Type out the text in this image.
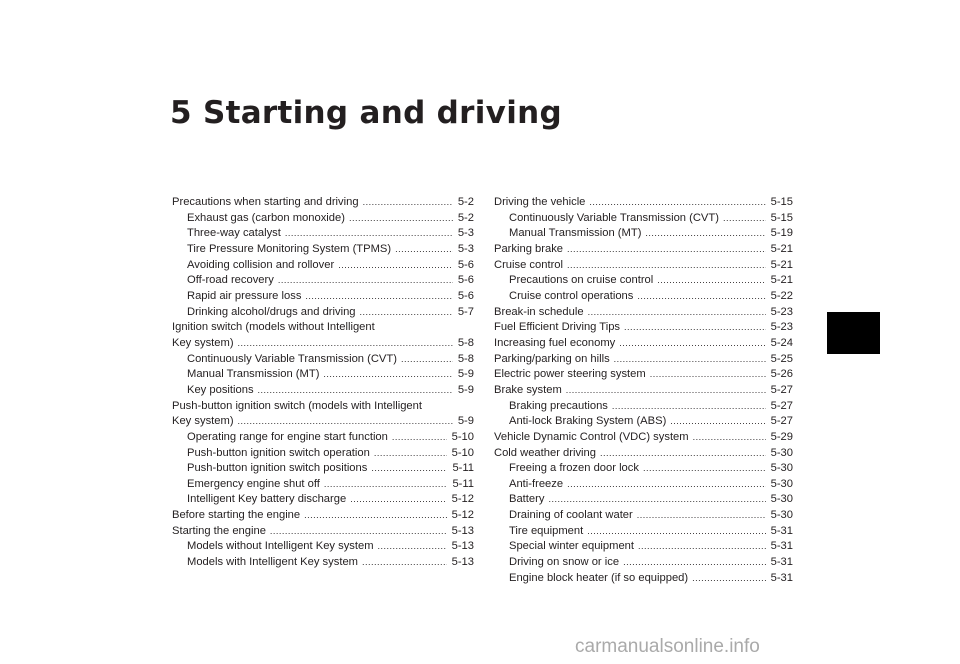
5 Starting and driving
Precautions when starting and driving .....	5-2
Exhaust gas (carbon monoxide) .....	5-2
Three-way catalyst .....	5-3
Tire Pressure Monitoring System (TPMS) .....	5-3
Avoiding collision and rollover .....	5-6
Off-road recovery .....	5-6
Rapid air pressure loss .....	5-6
Drinking alcohol/drugs and driving .....	5-7
Ignition switch (models without Intelligent
Key system) .....	5-8
Continuously Variable Transmission (CVT) .....	5-8
Manual Transmission (MT) .....	5-9
Key positions .....	5-9
Push-button ignition switch (models with Intelligent
Key system) .....	5-9
Operating range for engine start function .....	5-10
Push-button ignition switch operation .....	5-10
Push-button ignition switch positions .....	5-11
Emergency engine shut off .....	5-11
Intelligent Key battery discharge .....	5-12
Before starting the engine .....	5-12
Starting the engine .....	5-13
Models without Intelligent Key system .....	5-13
Models with Intelligent Key system .....	5-13
Driving the vehicle .....	5-15
Continuously Variable Transmission (CVT) .....	5-15
Manual Transmission (MT) .....	5-19
Parking brake .....	5-21
Cruise control .....	5-21
Precautions on cruise control .....	5-21
Cruise control operations .....	5-22
Break-in schedule .....	5-23
Fuel Efficient Driving Tips .....	5-23
Increasing fuel economy .....	5-24
Parking/parking on hills .....	5-25
Electric power steering system .....	5-26
Brake system .....	5-27
Braking precautions .....	5-27
Anti-lock Braking System (ABS) .....	5-27
Vehicle Dynamic Control (VDC) system .....	5-29
Cold weather driving .....	5-30
Freeing a frozen door lock .....	5-30
Anti-freeze .....	5-30
Battery .....	5-30
Draining of coolant water .....	5-30
Tire equipment .....	5-31
Special winter equipment .....	5-31
Driving on snow or ice .....	5-31
Engine block heater (if so equipped) .....	5-31
carmanualsonline.info
